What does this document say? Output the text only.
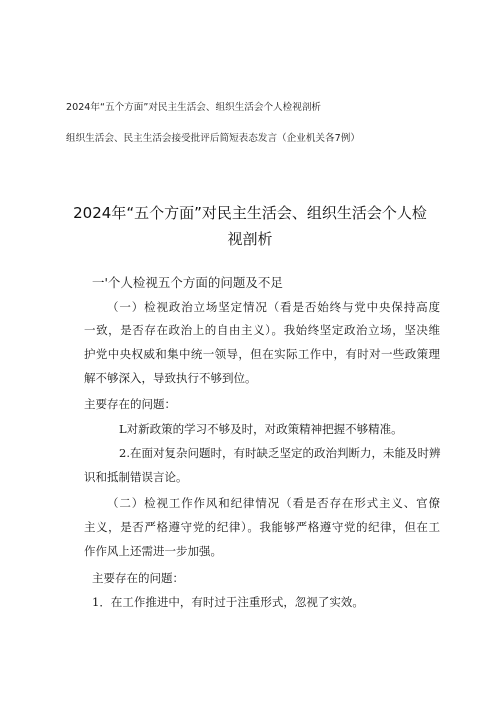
2024年“五个方面”对民主生活会、组织生活会个人检视剖析
组织生活会、民主生活会接受批评后简短表态发言（企业机关各7例）
2024年“五个方面”对民主生活会、组织生活会个人检
视剖析
一'个人检视五个方面的问题及不足
（一）检视政治立场坚定情况（看是否始终与党中央保持高度
一致，是否存在政治上的自由主义）。我始终坚定政治立场，坚决维
护党中央权威和集中统一领导，但在实际工作中，有时对一些政策理
解不够深入，导致执行不够到位。
主要存在的问题：
L对新政策的学习不够及时，对政策精神把握不够精准。
2.在面对复杂问题时，有时缺乏坚定的政治判断力，未能及时辨
识和抵制错误言论。
（二）检视工作作风和纪律情况（看是否存在形式主义、官僚
主义，是否严格遵守党的纪律）。我能够严格遵守党的纪律，但在工
作作风上还需进一步加强。
主要存在的问题：
1．在工作推进中，有时过于注重形式，忽视了实效。
